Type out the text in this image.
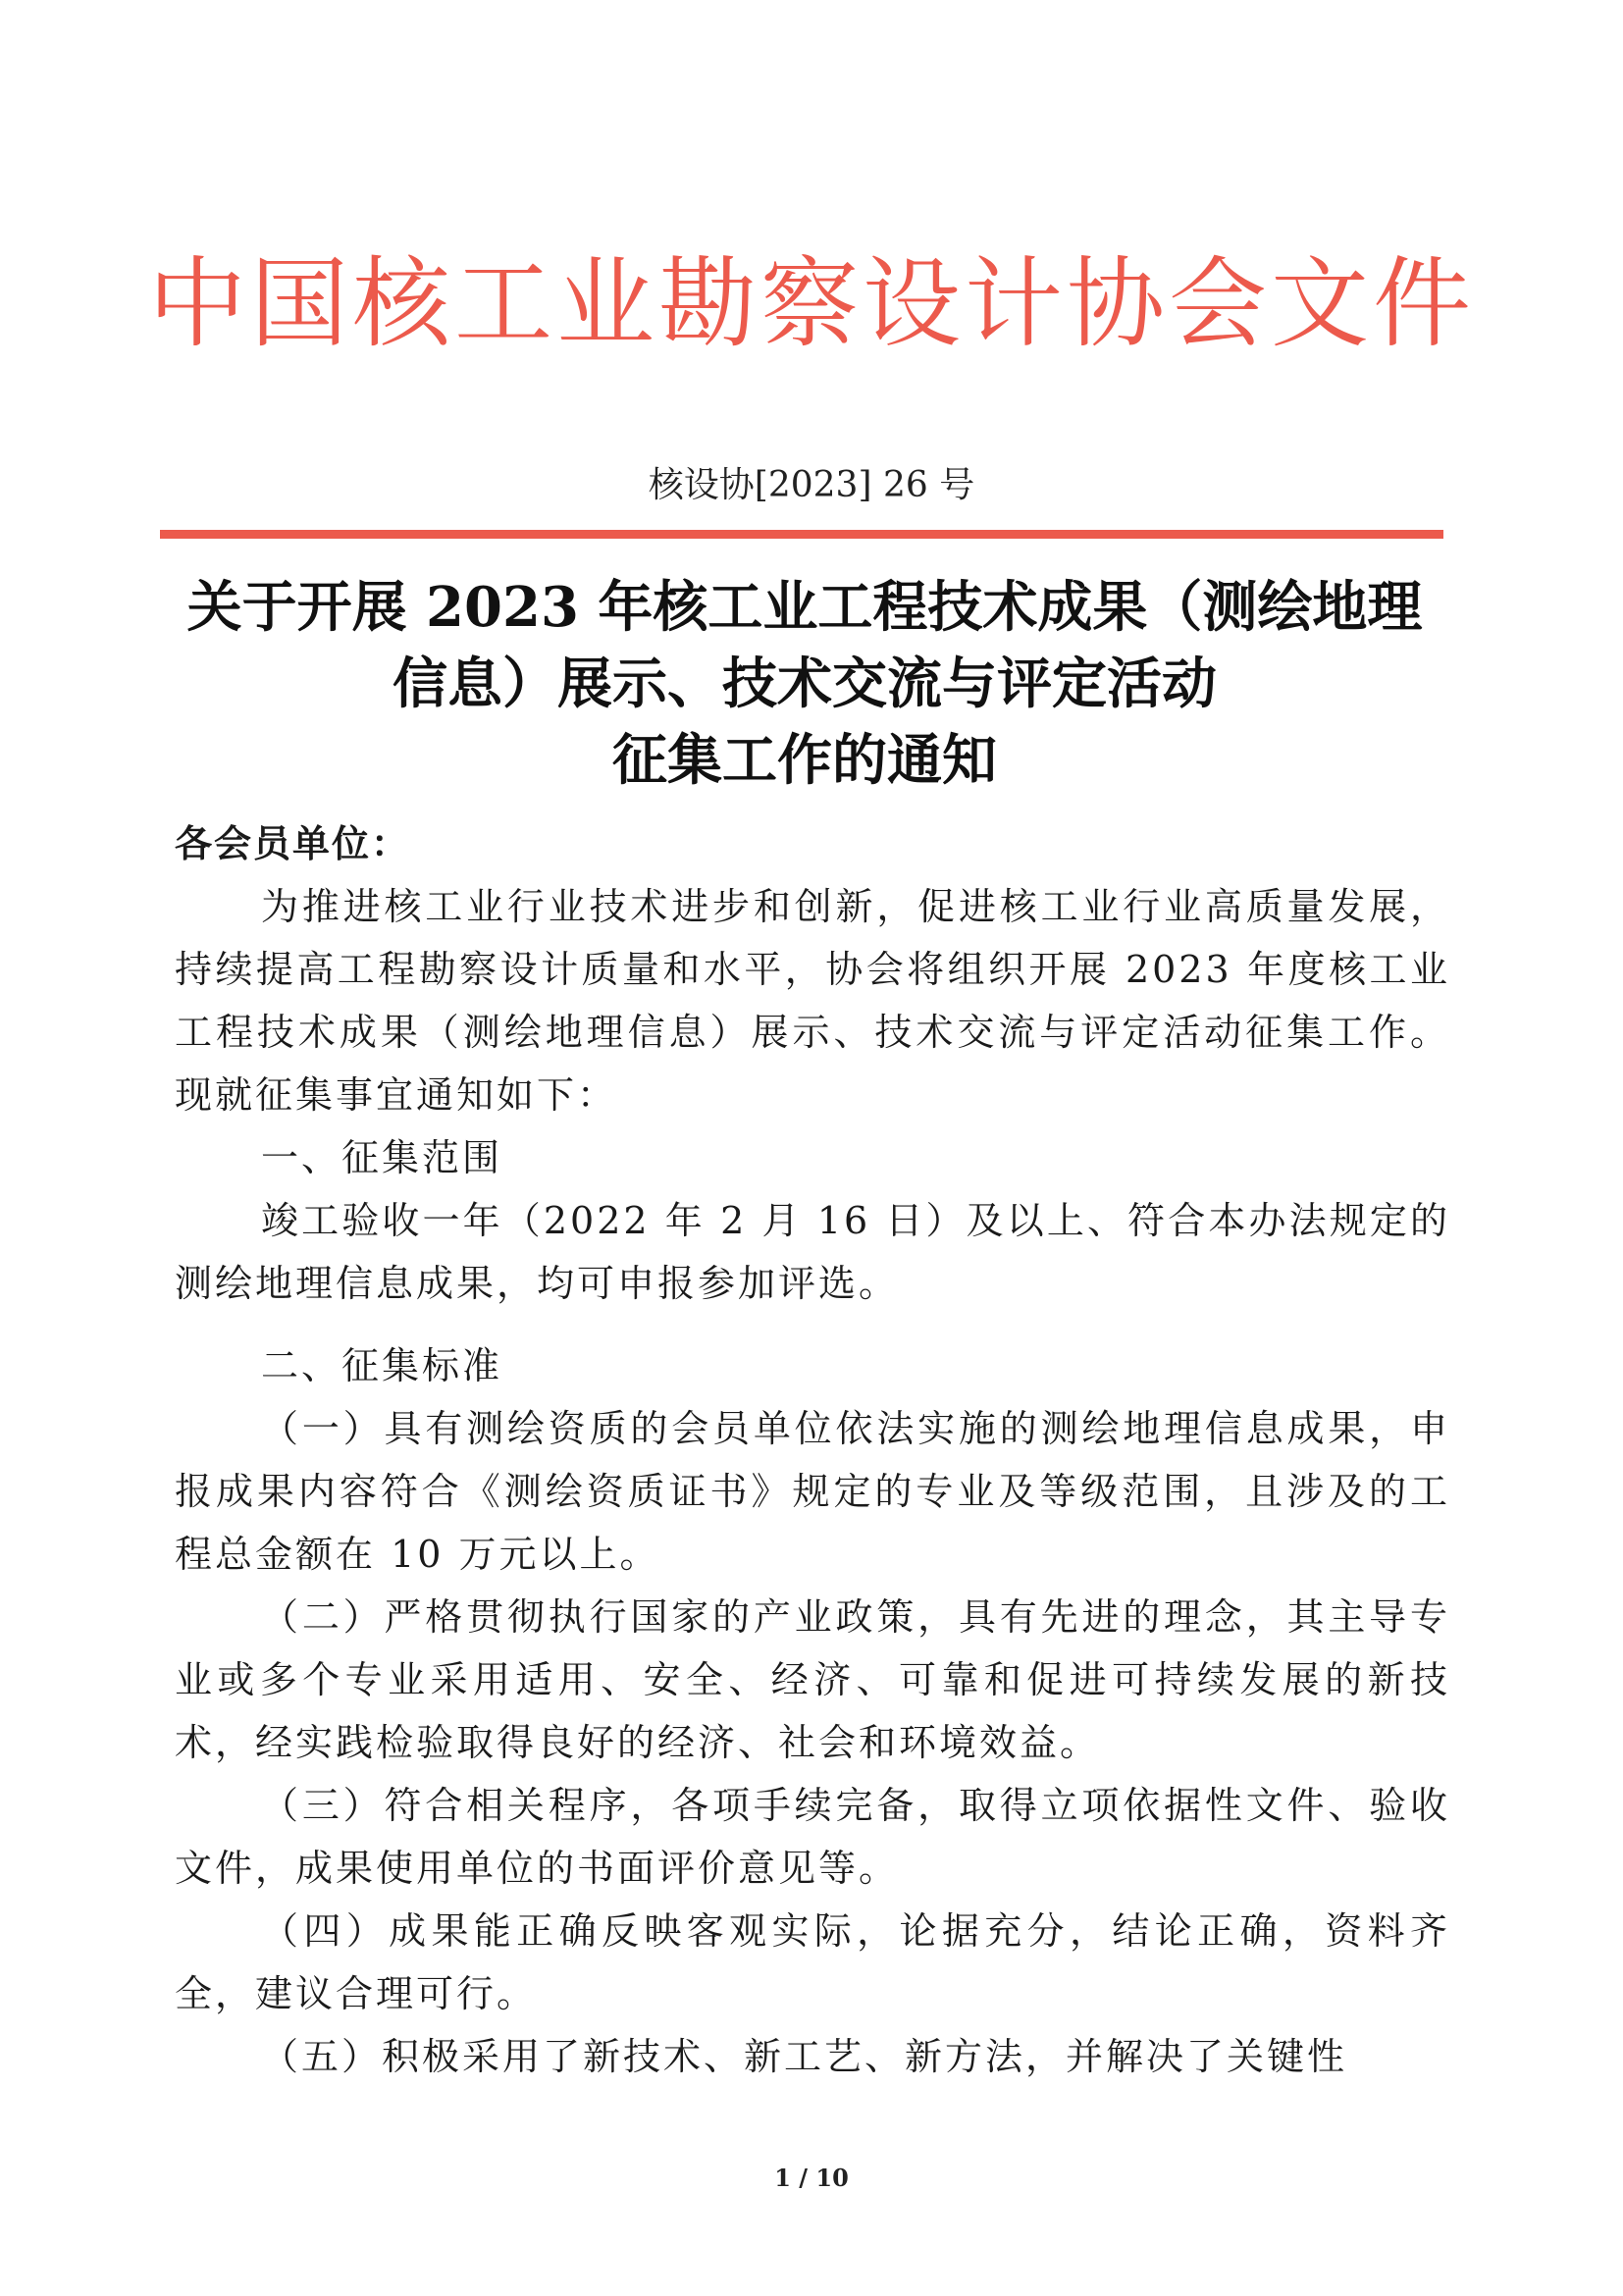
中国核工业勘察设计协会文件
核设协[2023] 26 号
关于开展 2023 年核工业工程技术成果（测绘地理
信息）展示、技术交流与评定活动
征集工作的通知

各会员单位：

为推进核工业行业技术进步和创新，促进核工业行业高质量发展，持续提高工程勘察设计质量和水平，协会将组织开展 2023 年度核工业工程技术成果（测绘地理信息）展示、技术交流与评定活动征集工作。现就征集事宜通知如下：

一、征集范围

竣工验收一年（2022 年 2 月 16 日）及以上、符合本办法规定的测绘地理信息成果，均可申报参加评选。

二、征集标准

（一）具有测绘资质的会员单位依法实施的测绘地理信息成果，申报成果内容符合《测绘资质证书》规定的专业及等级范围，且涉及的工程总金额在 10 万元以上。

（二）严格贯彻执行国家的产业政策，具有先进的理念，其主导专业或多个专业采用适用、安全、经济、可靠和促进可持续发展的新技术，经实践检验取得良好的经济、社会和环境效益。

（三）符合相关程序，各项手续完备，取得立项依据性文件、验收文件，成果使用单位的书面评价意见等。

（四）成果能正确反映客观实际，论据充分，结论正确，资料齐全，建议合理可行。

（五）积极采用了新技术、新工艺、新方法，并解决了关键性

1 / 10
